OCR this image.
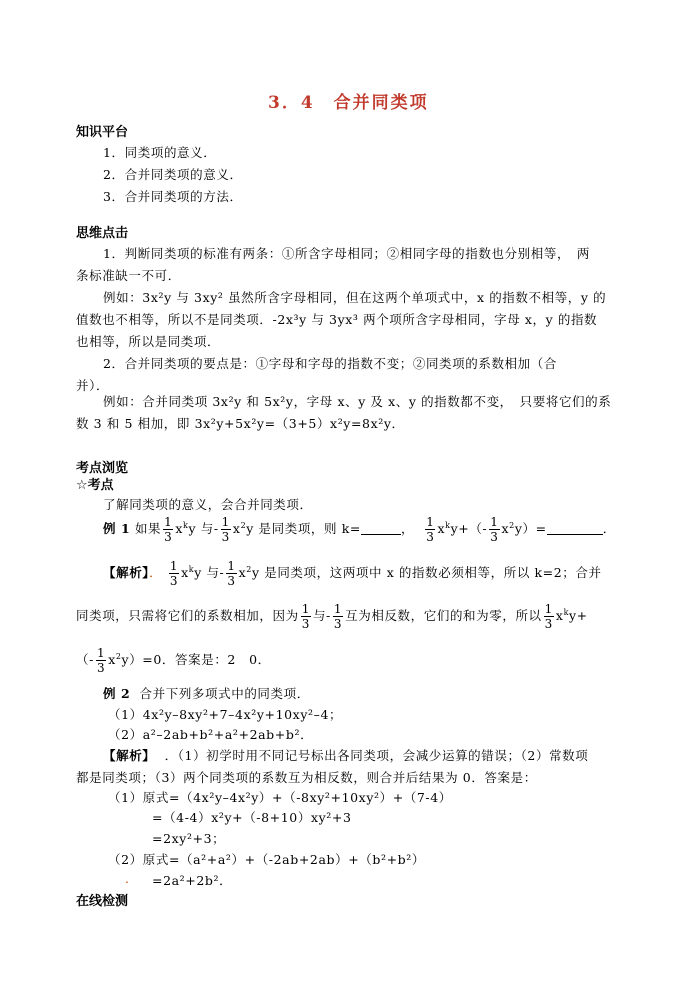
3．4　合并同类项
知识平台
1．同类项的意义．
2．合并同类项的意义．
3．合并同类项的方法．
思维点击
1．判断同类项的标准有两条：①所含字母相同；②相同字母的指数也分别相等，　两
条标准缺一不可．
例如：3x²y 与 3xy² 虽然所含字母相同，但在这两个单项式中，x 的指数不相等，y 的
值数也不相等，所以不是同类项．-2x³y 与 3yx³ 两个项所含字母相同，字母 x，y 的指数
也相等，所以是同类项．
2．合并同类项的要点是：①字母和字母的指数不变；②同类项的系数相加（合
并）．
例如：合并同类项 3x²y 和 5x²y，字母 x、y 及 x、y 的指数都不变，　只要将它们的系
数 3 和 5 相加，即 3x²y+5x²y=（3+5）x²y=8x²y．
考点浏览
☆考点
了解同类项的意义，会合并同类项．
例 1 如果 $\frac{1}{3} x^ky$ 与- $\frac{1}{3} x^2y$ 是同类项，则 k=	， $\frac{1}{3} x^ky+(- \frac{1}{3} x^2y)=$	．
【解析】． $\frac{1}{3} x^ky$ 与- $\frac{1}{3} x^2y$ 是同类项，这两项中 x 的指数必须相等，所以 k=2；合并
同类项，只需将它们的系数相加，因为 $\frac{1}{3}$ 与- $\frac{1}{3}$ 互为相反数，它们的和为零，所以 $\frac{1}{3} x^ky+$
（- $\frac{1}{3} x^2y)=0$．答案是：2　0．
例 2 合并下列多项式中的同类项．
（1）4x²y–8xy²+7–4x²y+10xy²–4；
（2）a²–2ab+b²+a²+2ab+b²．
【解析】 ．（1）初学时用不同记号标出各同类项，会减少运算的错误；（2）常数项
都是同类项；（3）两个同类项的系数互为相反数，则合并后结果为 0．答案是：
（1）原式=（4x²y–4x²y）+（-8xy²+10xy²）+（7-4）
=（4-4）x²y+（-8+10）xy²+3
=2xy²+3；
（2）原式=（a²+a²）+（-2ab+2ab）+（b²+b²）
=2a²+2b²．
.
在线检测
